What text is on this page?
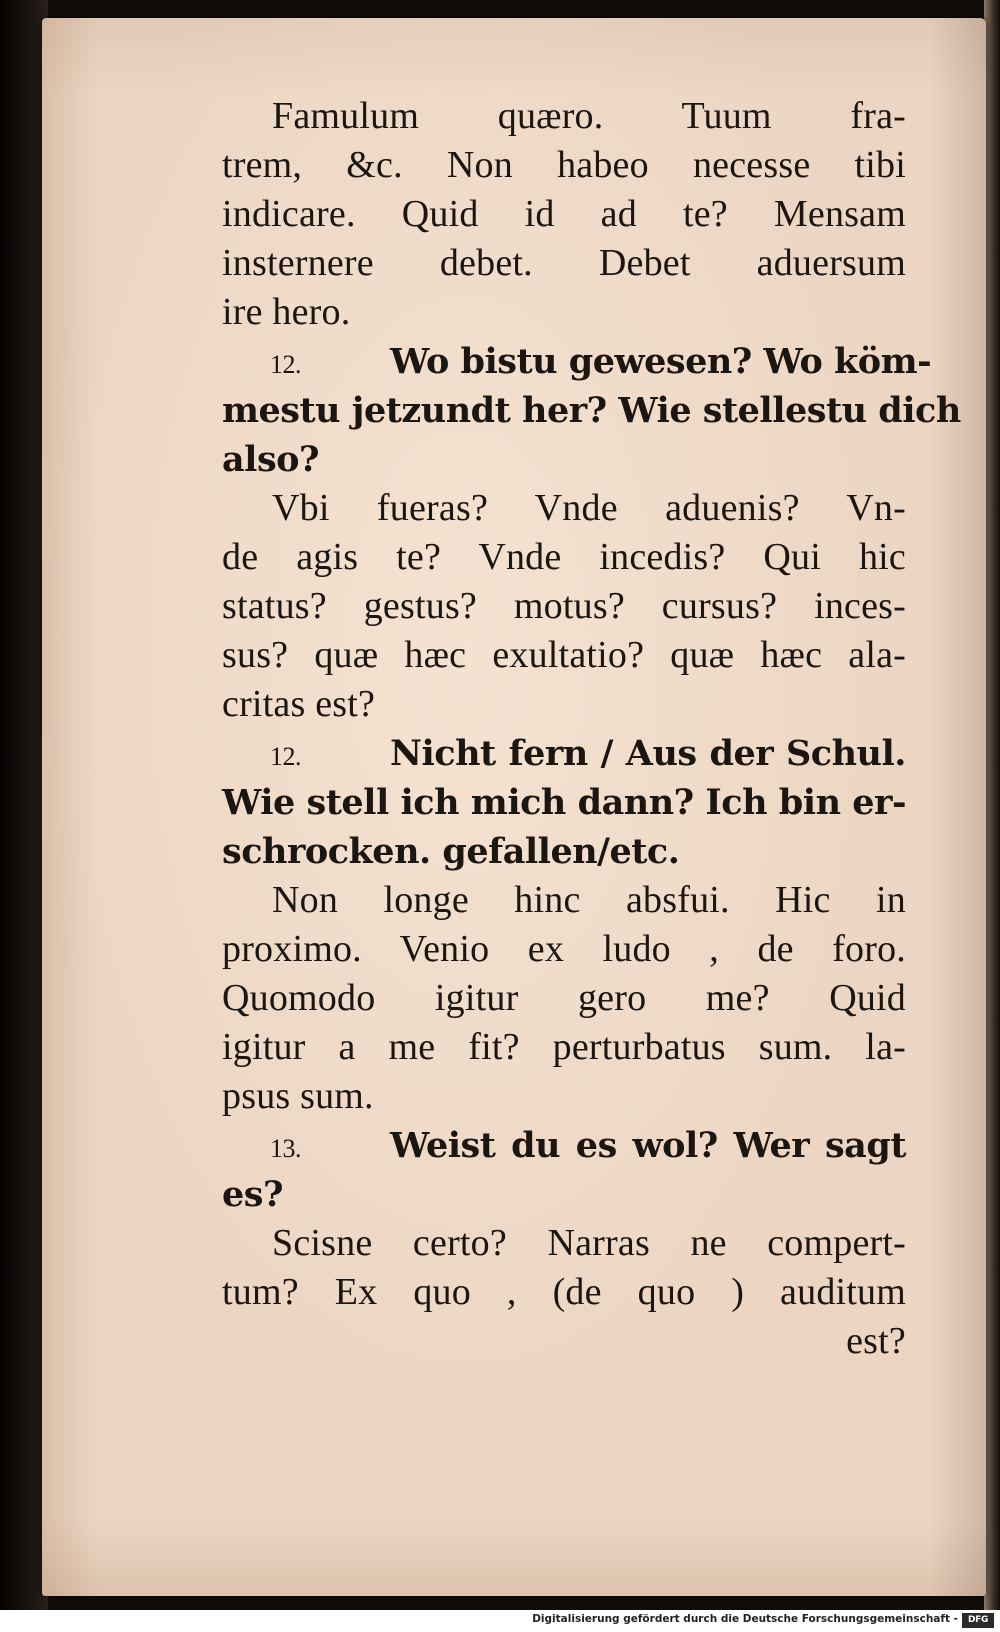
Famulum quæro. Tuum fra-
trem, &c. Non habeo necesse tibi
indicare. Quid id ad te? Mensam
insternere debet. Debet aduersum
ire hero.
12.	Wo bistu gewesen? Wo köm-
mestu jetzundt her? Wie stellestu dich
also?
Vbi fueras? Vnde aduenis? Vn-
de agis te? Vnde incedis? Qui hic
status? gestus? motus? cursus? inces-
sus? quæ hæc exultatio? quæ hæc ala-
critas est?
12.	Nicht fern / Aus der Schul.
Wie stell ich mich dann? Ich bin er-
schrocken. gefallen/etc.
Non longe hinc absfui. Hic in
proximo. Venio ex ludo , de foro.
Quomodo igitur gero me? Quid
igitur a me fit? perturbatus sum. la-
psus sum.
13.	Weist du es wol? Wer sagt
es?
Scisne certo? Narras ne compert-
tum? Ex quo , (de quo ) auditum
est?
Digitalisierung gefördert durch die Deutsche Forschungsgemeinschaft -	DFG
